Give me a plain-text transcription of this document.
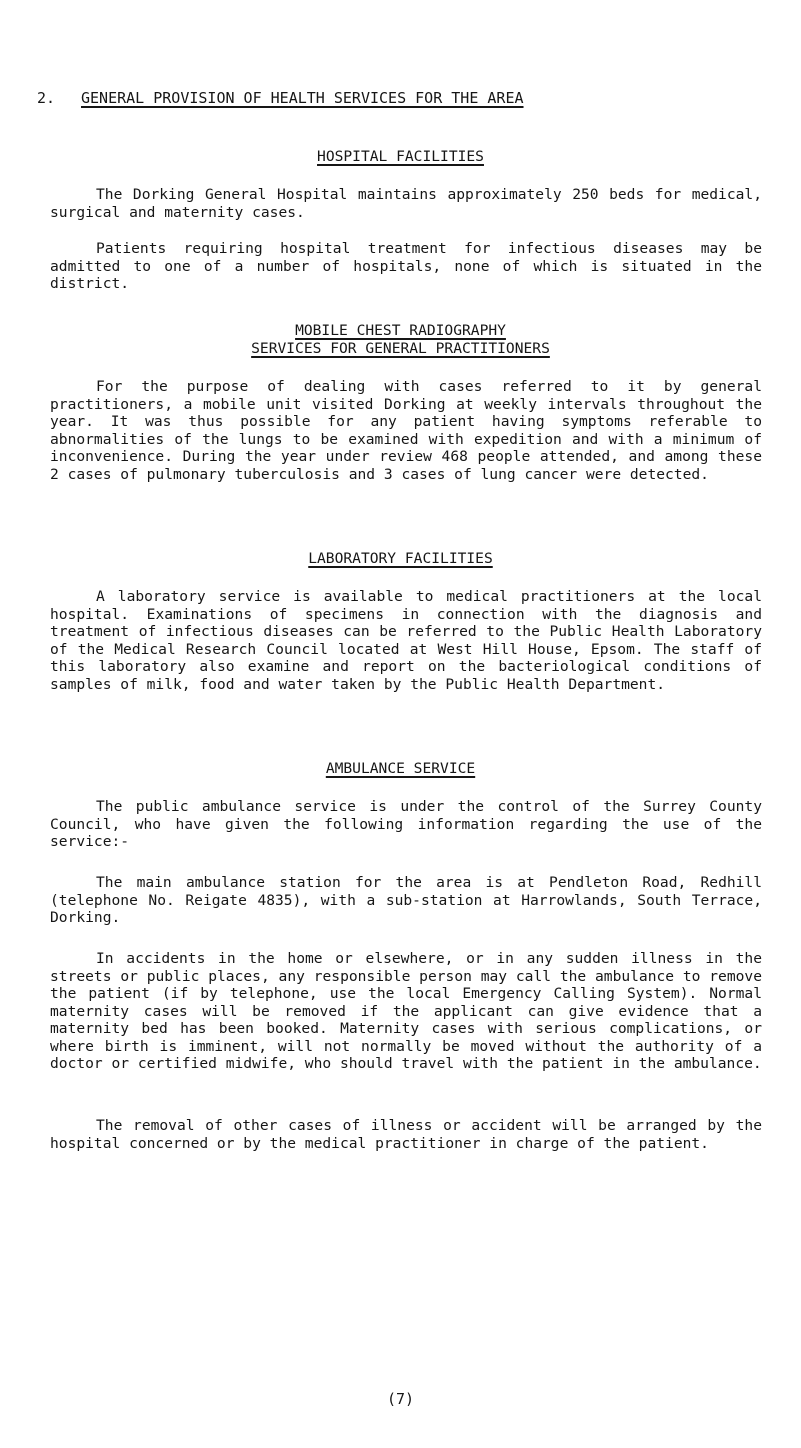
2. GENERAL PROVISION OF HEALTH SERVICES FOR THE AREA
HOSPITAL FACILITIES

The Dorking General Hospital maintains approximately 250 beds for medical, surgical and maternity cases.

Patients requiring hospital treatment for infectious diseases may be admitted to one of a number of hospitals, none of which is situated in the district.

MOBILE CHEST RADIOGRAPHY
SERVICES FOR GENERAL PRACTITIONERS

For the purpose of dealing with cases referred to it by general practitioners, a mobile unit visited Dorking at weekly intervals throughout the year. It was thus possible for any patient having symptoms referable to abnormalities of the lungs to be examined with expedition and with a minimum of inconvenience. During the year under review 468 people attended, and among these 2 cases of pulmonary tuberculosis and 3 cases of lung cancer were detected.

LABORATORY FACILITIES

A laboratory service is available to medical practitioners at the local hospital. Examinations of specimens in connection with the diagnosis and treatment of infectious diseases can be referred to the Public Health Laboratory of the Medical Research Council located at West Hill House, Epsom. The staff of this laboratory also examine and report on the bacteriological conditions of samples of milk, food and water taken by the Public Health Department.

AMBULANCE SERVICE

The public ambulance service is under the control of the Surrey County Council, who have given the following information regarding the use of the service:-

The main ambulance station for the area is at Pendleton Road, Redhill (telephone No. Reigate 4835), with a sub-station at Harrowlands, South Terrace, Dorking.

In accidents in the home or elsewhere, or in any sudden illness in the streets or public places, any responsible person may call the ambulance to remove the patient (if by telephone, use the local Emergency Calling System). Normal maternity cases will be removed if the applicant can give evidence that a maternity bed has been booked. Maternity cases with serious complications, or where birth is imminent, will not normally be moved without the authority of a doctor or certified midwife, who should travel with the patient in the ambulance.

The removal of other cases of illness or accident will be arranged by the hospital concerned or by the medical practitioner in charge of the patient.

(7)
